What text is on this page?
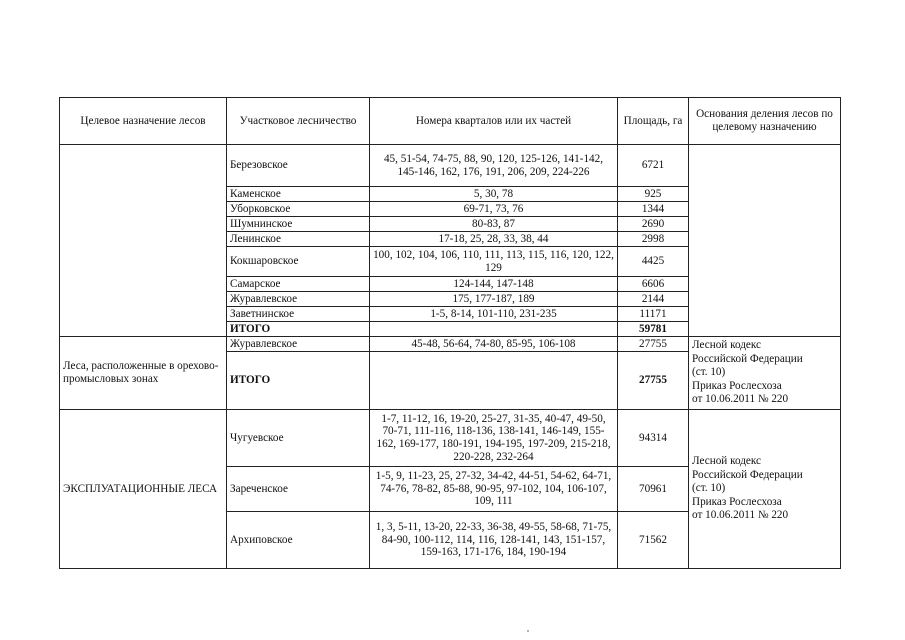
Целевое назначение лесов	Участковое лесничество	Номера кварталов или их частей	Площадь, га	Основания деления лесов по целевому назначению
	Березовское	45, 51-54, 74-75, 88, 90, 120, 125-126, 141-142, 145-146, 162, 176, 191, 206, 209, 224-226	6721	
	Каменское	5, 30, 78	925	
	Уборковское	69-71, 73, 76	1344	
	Шумнинское	80-83, 87	2690	
	Ленинское	17-18, 25, 28, 33, 38, 44	2998	
	Кокшаровское	100, 102, 104, 106, 110, 111, 113, 115, 116, 120, 122, 129	4425	
	Самарское	124-144, 147-148	6606	
	Журавлевское	175, 177-187, 189	2144	
	Заветнинское	1-5, 8-14, 101-110, 231-235	11171	
	ИТОГО		59781	
Леса, расположенные в орехово-промысловых зонах	Журавлевское	45-48, 56-64, 74-80, 85-95, 106-108	27755	Лесной кодекс
Российской Федерации
(ст. 10)
Приказ Рослесхоза
от 10.06.2011 № 220

	ИТОГО		27755	
ЭКСПЛУАТАЦИОННЫЕ ЛЕСА	Чугуевское	1-7, 11-12, 16, 19-20, 25-27, 31-35, 40-47, 49-50, 70-71, 111-116, 118-136, 138-141, 146-149, 155-162, 169-177, 180-191, 194-195, 197-209, 215-218, 220-228, 232-264	94314	Лесной кодекс
Российской Федерации
(ст. 10)
Приказ Рослесхоза
от 10.06.2011 № 220

	Зареченское	1-5, 9, 11-23, 25, 27-32, 34-42, 44-51, 54-62, 64-71, 74-76, 78-82, 85-88, 90-95, 97-102, 104, 106-107, 109, 111	70961	
	Архиповское	1, 3, 5-11, 13-20, 22-33, 36-38, 49-55, 58-68, 71-75, 84-90, 100-112, 114, 116, 128-141, 143, 151-157, 159-163, 171-176, 184, 190-194	71562	
